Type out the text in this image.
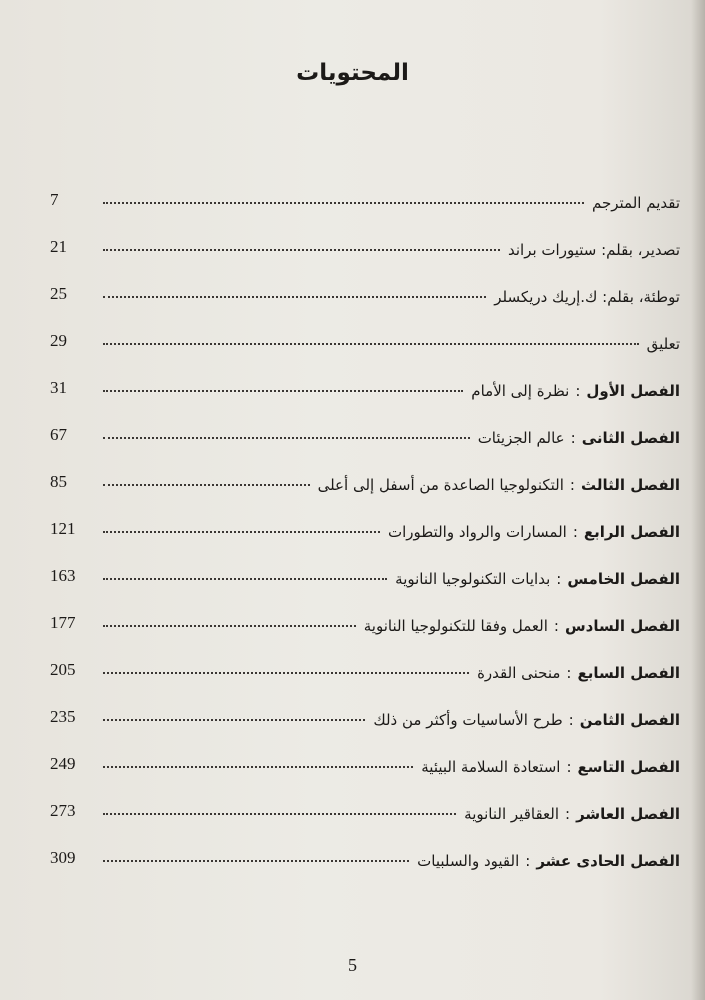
المحتويات
7	تقديم المترجم
21	تصدير، بقلم: ستيورات براند
25	توطئة، بقلم: ك.إريك دريكسلر
29	تعليق
31	الفصل الأول:نظرة إلى الأمام
67	الفصل الثانى:عالم الجزيئات
85	الفصل الثالث:التكنولوجيا الصاعدة من أسفل إلى أعلى
121	الفصل الرابع:المسارات والرواد والتطورات
163	الفصل الخامس:بدايات التكنولوجيا النانوية
177	الفصل السادس:العمل وفقا للتكنولوجيا النانوية
205	الفصل السابع:منحنى القدرة
235	الفصل الثامن:طرح الأساسيات وأكثر من ذلك
249	الفصل التاسع:استعادة السلامة البيئية
273	الفصل العاشر:العقاقير النانوية
309	الفصل الحادى عشر:القيود والسلبيات
5
